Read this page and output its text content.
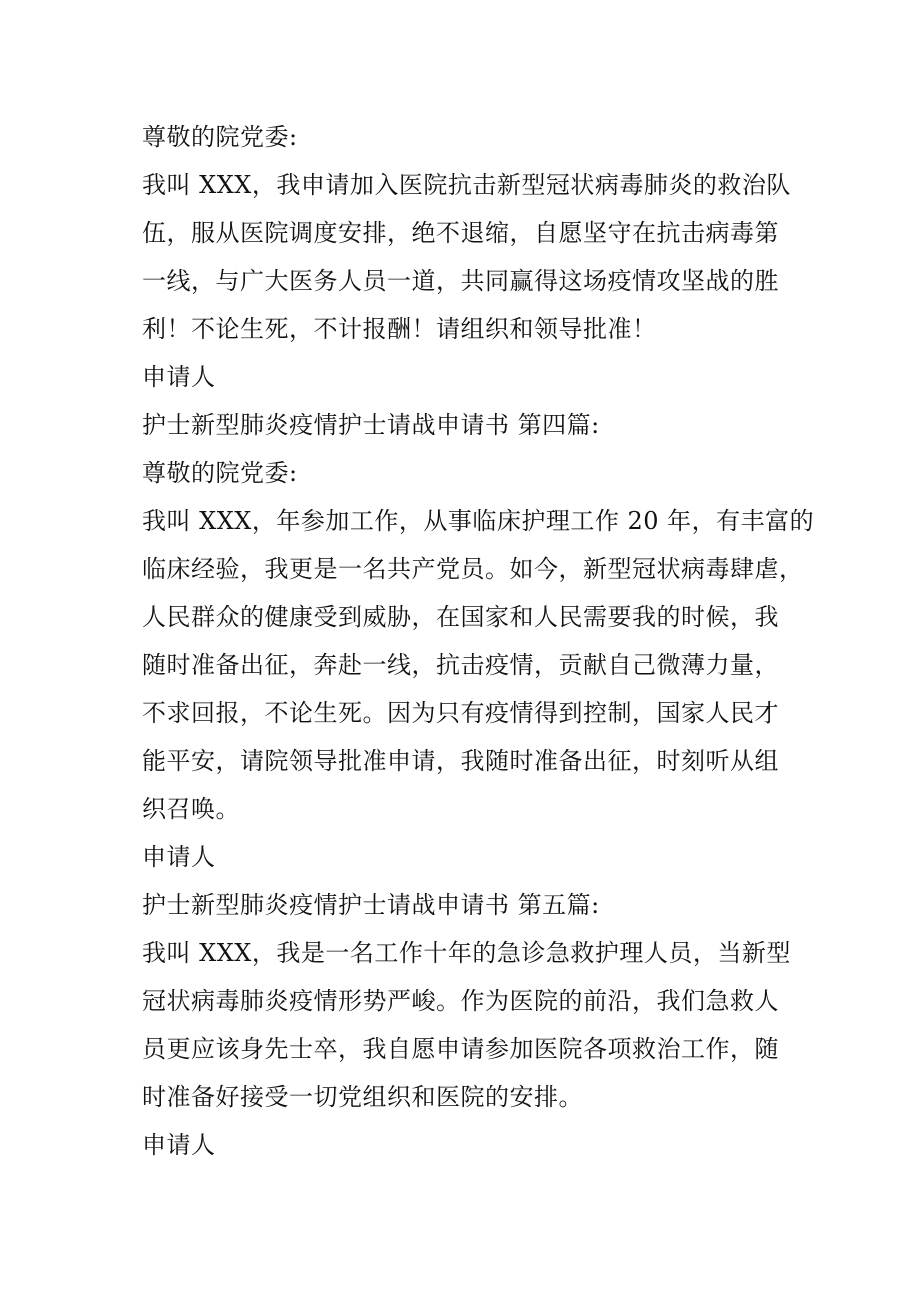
尊敬的院党委:
我叫 XXX，我申请加入医院抗击新型冠状病毒肺炎的救治队
伍，服从医院调度安排，绝不退缩，自愿坚守在抗击病毒第
一线，与广大医务人员一道，共同赢得这场疫情攻坚战的胜
利！不论生死，不计报酬！请组织和领导批准！
申请人
护士新型肺炎疫情护士请战申请书 第四篇:
尊敬的院党委:
我叫 XXX，年参加工作，从事临床护理工作 20 年，有丰富的
临床经验，我更是一名共产党员。如今，新型冠状病毒肆虐，
人民群众的健康受到威胁，在国家和人民需要我的时候，我
随时准备出征，奔赴一线，抗击疫情，贡献自己微薄力量，
不求回报，不论生死。因为只有疫情得到控制，国家人民才
能平安，请院领导批准申请，我随时准备出征，时刻听从组
织召唤。
申请人
护士新型肺炎疫情护士请战申请书 第五篇:
我叫 XXX，我是一名工作十年的急诊急救护理人员，当新型
冠状病毒肺炎疫情形势严峻。作为医院的前沿，我们急救人
员更应该身先士卒，我自愿申请参加医院各项救治工作，随
时准备好接受一切党组织和医院的安排。
申请人
